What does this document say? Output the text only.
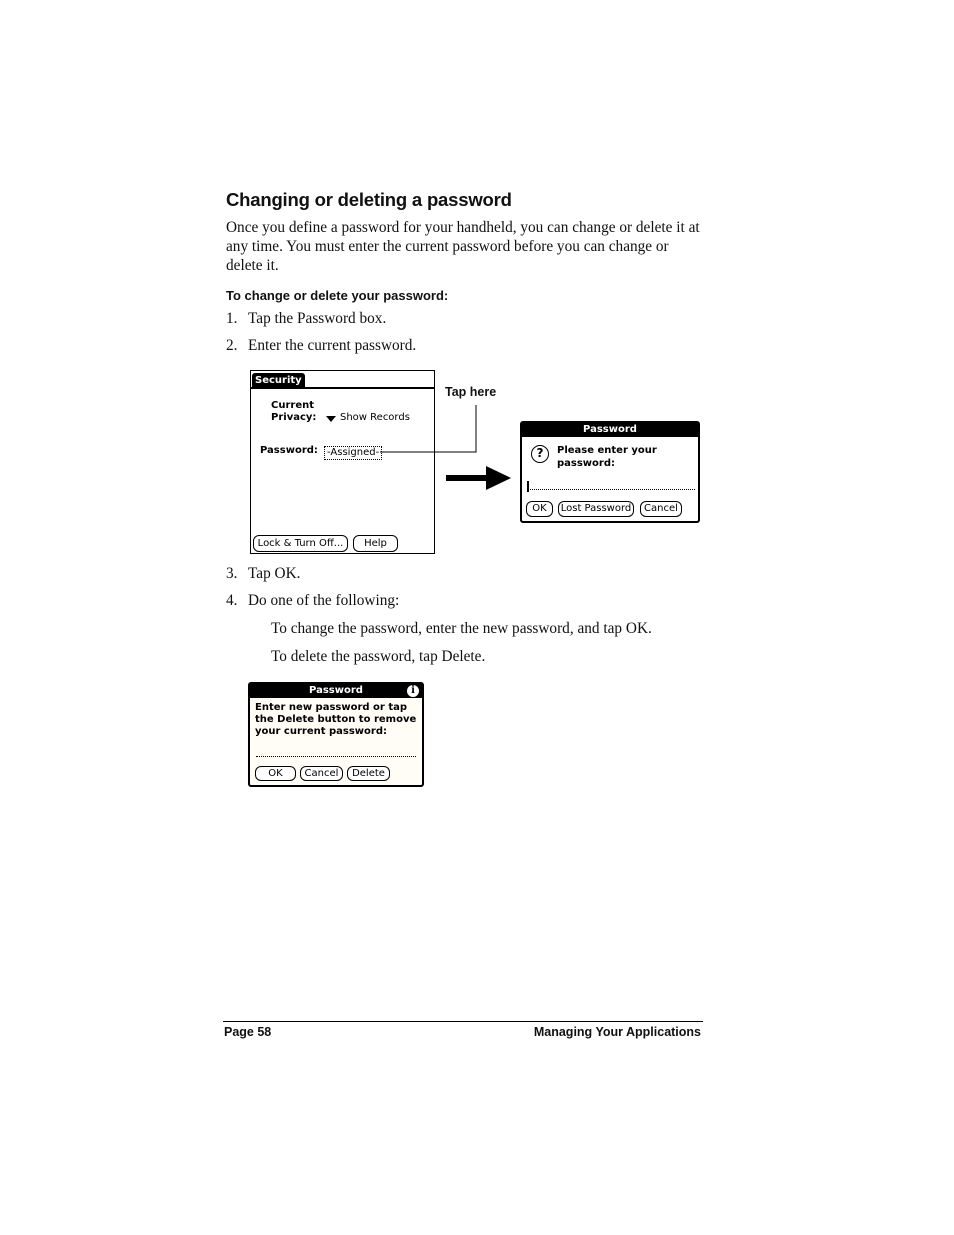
Changing or deleting a password
Once you define a password for your handheld, you can change or delete it at any time. You must enter the current password before you can change or delete it.
To change or delete your password:
1. Tap the Password box.
2. Enter the current password.
Security
Current
Privacy: Show Records
Password: -Assigned-
Lock & Turn Off...	Help
Tap here
Password
?	Please enter your
password:
OK	Lost Password	Cancel
3. Tap OK.
4. Do one of the following:
To change the password, enter the new password, and tap OK.
To delete the password, tap Delete.
Password	i
Enter new password or tap
the Delete button to remove
your current password:
OK	Cancel	Delete
Page 58	Managing Your Applications
